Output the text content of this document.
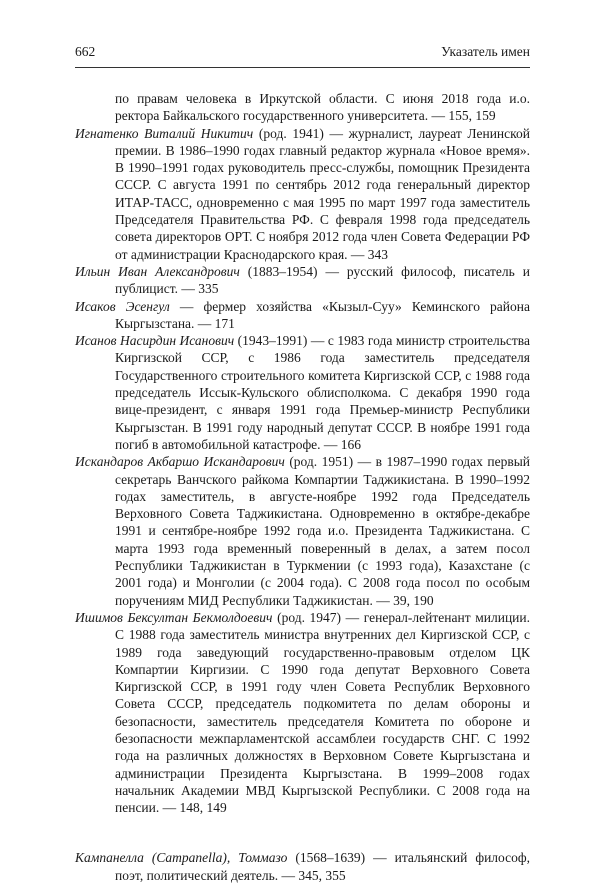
662	Указатель имен

по правам человека в Иркутской области. С июня 2018 года и.о. ректора Байкальского государственного университета. — 155, 159

Игнатенко Виталий Никитич (род. 1941) — журналист, лауреат Ленинской премии. В 1986–1990 годах главный редактор журнала «Новое время». В 1990–1991 годах руководитель пресс-службы, помощник Президента СССР. С августа 1991 по сентябрь 2012 года генеральный директор ИТАР-ТАСС, одновременно с мая 1995 по март 1997 года заместитель Председателя Правительства РФ. С февраля 1998 года председатель совета директоров ОРТ. С ноября 2012 года член Совета Федерации РФ от администрации Краснодарского края. — 343

Ильин Иван Александрович (1883–1954) — русский философ, писатель и публицист. — 335

Исаков Эсенгул — фермер хозяйства «Кызыл-Суу» Кеминского района Кыргызстана. — 171

Исанов Насирдин Исанович (1943–1991) — с 1983 года министр строительства Киргизской ССР, с 1986 года заместитель председателя Государственного строительного комитета Киргизской ССР, с 1988 года председатель Иссык-Кульского облисполкома. С декабря 1990 года вице-президент, с января 1991 года Премьер-министр Республики Кыргызстан. В 1991 году народный депутат СССР. В ноябре 1991 года погиб в автомобильной катастрофе. — 166

Искандаров Акбаршо Искандарович (род. 1951) — в 1987–1990 годах первый секретарь Ванчского райкома Компартии Таджикистана. В 1990–1992 годах заместитель, в августе-ноябре 1992 года Председатель Верховного Совета Таджикистана. Одновременно в октябре-декабре 1991 и сентябре-ноябре 1992 года и.о. Президента Таджикистана. С марта 1993 года временный поверенный в делах, а затем посол Республики Таджикистан в Туркмении (с 1993 года), Казахстане (с 2001 года) и Монголии (с 2004 года). С 2008 года посол по особым поручениям МИД Республики Таджикистан. — 39, 190

Ишимов Бексултан Бекмолдоевич (род. 1947) — генерал-лейтенант милиции. С 1988 года заместитель министра внутренних дел Киргизской ССР, с 1989 года заведующий государственно-правовым отделом ЦК Компартии Киргизии. С 1990 года депутат Верховного Совета Киргизской ССР, в 1991 году член Совета Республик Верховного Совета СССР, председатель подкомитета по делам обороны и безопасности, заместитель председателя Комитета по обороне и безопасности межпарламентской ассамблеи государств СНГ. С 1992 года на различных должностях в Верховном Совете Кыргызстана и администрации Президента Кыргызстана. В 1999–2008 годах начальник Академии МВД Кыргызской Республики. С 2008 года на пенсии. — 148, 149

Кампанелла (Campanella), Томмазо (1568–1639) — итальянский философ, поэт, политический деятель. — 345, 355
